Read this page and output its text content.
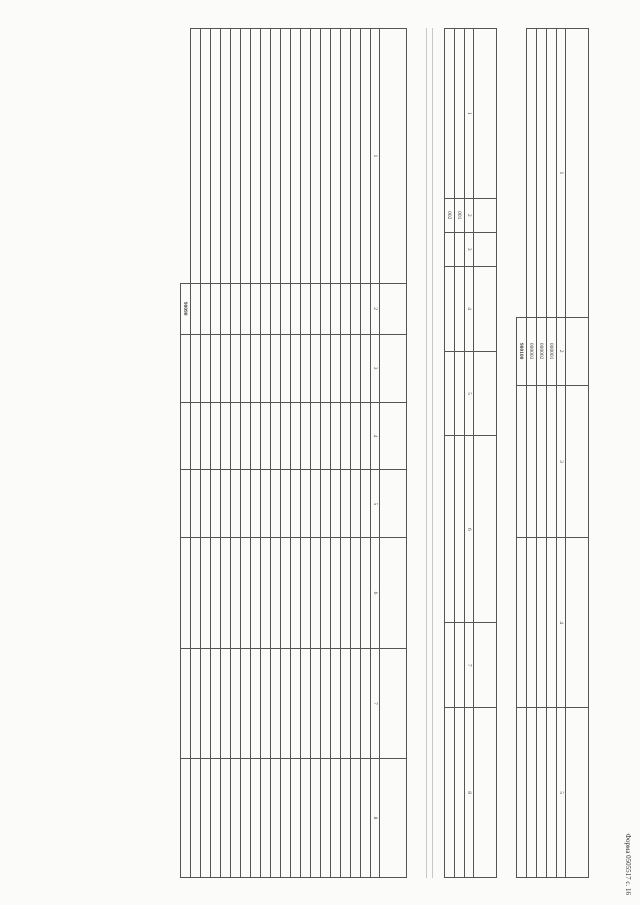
Форма 0505517 с. 16

1	2	3	4	5
	000001			
	000002			
	000003			
	900100			

1	2	3	4	5	6	7	8
	001						
	002						

1	2	3	4	5	6	7	8

	90090						
